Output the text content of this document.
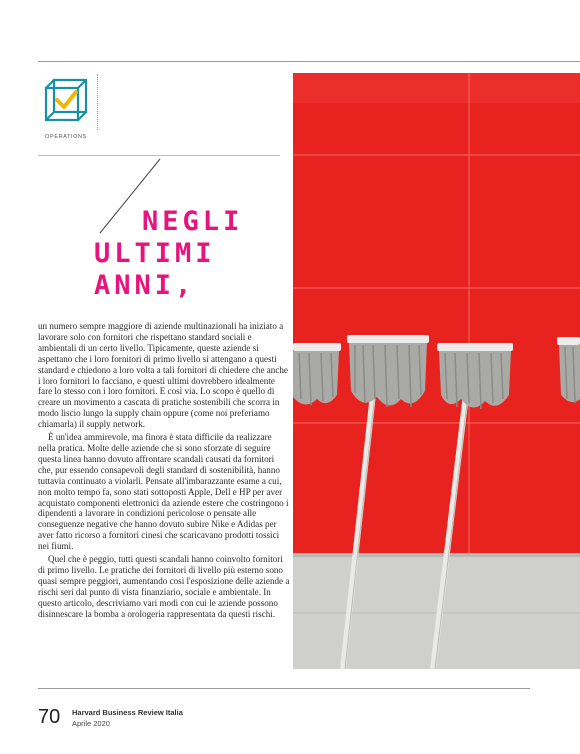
OPERATIONS
NEGLI
ULTIMI
ANNI,

un numero sempre maggiore di aziende multinazionali ha iniziato a lavorare solo con fornitori che rispettano standard sociali e ambientali di un certo livello. Tipicamente, queste aziende si aspettano che i loro fornitori di primo livello si attengano a questi standard e chiedono a loro volta a tali fornitori di chiedere che anche i loro fornitori lo facciano, e questi ultimi dovrebbero idealmente fare lo stesso con i loro fornitori. E così via. Lo scopo è quello di creare un movimento a cascata di pratiche sostenibili che scorra in modo liscio lungo la supply chain oppure (come noi preferiamo chiamarla) il supply network.

È un'idea ammirevole, ma finora è stata difficile da realizzare nella pratica. Molte delle aziende che si sono sforzate di seguire questa linea hanno dovuto affrontare scandali causati da fornitori che, pur essendo consapevoli degli standard di sostenibilità, hanno tuttavia continuato a violarli. Pensate all'imbarazzante esame a cui, non molto tempo fa, sono stati sottoposti Apple, Dell e HP per aver acquistato componenti elettronici da aziende estere che costringono i dipendenti a lavorare in condizioni pericolose o pensate alle conseguenze negative che hanno dovuto subire Nike e Adidas per aver fatto ricorso a fornitori cinesi che scaricavano prodotti tossici nei fiumi.

Quel che è peggio, tutti questi scandali hanno coinvolto fornitori di primo livello. Le pratiche dei fornitori di livello più esterno sono quasi sempre peggiori, aumentando così l'esposizione delle aziende a rischi seri dal punto di vista finanziario, sociale e ambientale. In questo articolo, descriviamo vari modi con cui le aziende possono disinnescare la bomba a orologeria rappresentata da questi rischi.

70 Harvard Business Review Italia
Aprile 2020
